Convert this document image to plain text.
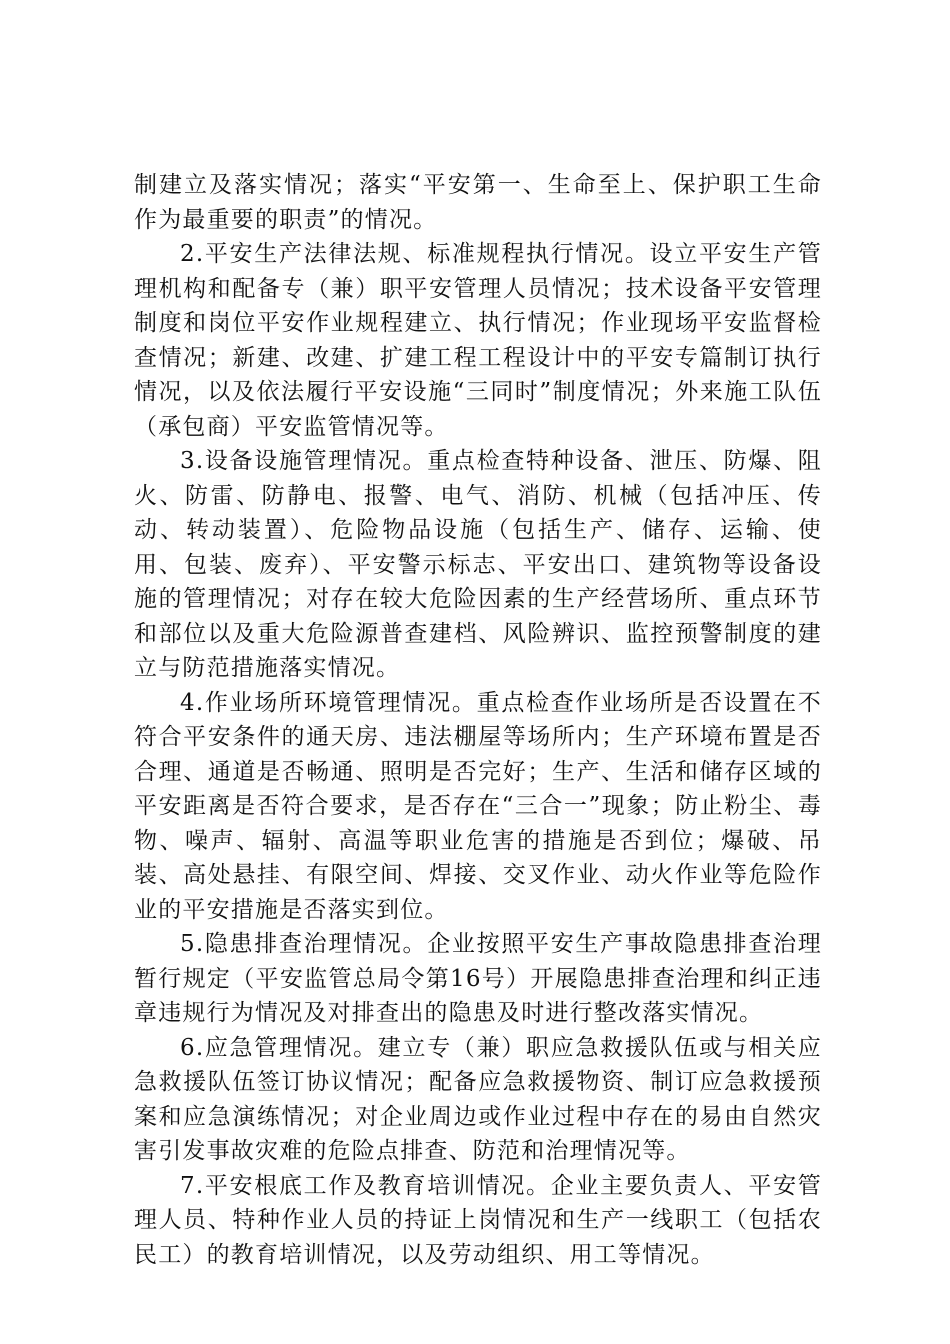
制建立及落实情况；落实“平安第一、生命至上、保护职工生命作为最重要的职责”的情况。

2.平安生产法律法规、标准规程执行情况。设立平安生产管理机构和配备专（兼）职平安管理人员情况；技术设备平安管理制度和岗位平安作业规程建立、执行情况；作业现场平安监督检查情况；新建、改建、扩建工程工程设计中的平安专篇制订执行情况，以及依法履行平安设施“三同时”制度情况；外来施工队伍（承包商）平安监管情况等。

3.设备设施管理情况。重点检查特种设备、泄压、防爆、阻火、防雷、防静电、报警、电气、消防、机械（包括冲压、传动、转动装置）、危险物品设施（包括生产、储存、运输、使用、包装、废弃）、平安警示标志、平安出口、建筑物等设备设施的管理情况；对存在较大危险因素的生产经营场所、重点环节和部位以及重大危险源普查建档、风险辨识、监控预警制度的建立与防范措施落实情况。

4.作业场所环境管理情况。重点检查作业场所是否设置在不符合平安条件的通天房、违法棚屋等场所内；生产环境布置是否合理、通道是否畅通、照明是否完好；生产、生活和储存区域的平安距离是否符合要求，是否存在“三合一”现象；防止粉尘、毒物、噪声、辐射、高温等职业危害的措施是否到位；爆破、吊装、高处悬挂、有限空间、焊接、交叉作业、动火作业等危险作业的平安措施是否落实到位。

5.隐患排查治理情况。企业按照平安生产事故隐患排查治理暂行规定（平安监管总局令第16号）开展隐患排查治理和纠正违章违规行为情况及对排查出的隐患及时进行整改落实情况。

6.应急管理情况。建立专（兼）职应急救援队伍或与相关应急救援队伍签订协议情况；配备应急救援物资、制订应急救援预案和应急演练情况；对企业周边或作业过程中存在的易由自然灾害引发事故灾难的危险点排查、防范和治理情况等。

7.平安根底工作及教育培训情况。企业主要负责人、平安管理人员、特种作业人员的持证上岗情况和生产一线职工（包括农民工）的教育培训情况，以及劳动组织、用工等情况。
